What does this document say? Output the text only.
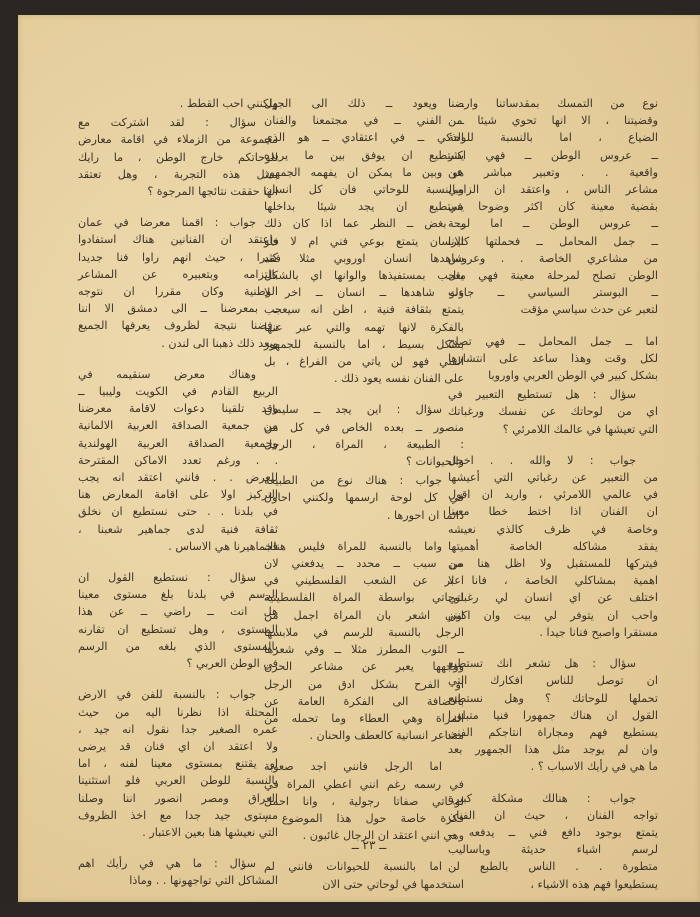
نوع من التمسك بمقدساتنا وارضنا
وقضيتنا ، الا انها تحوي شيئا من
الضياع ، اما بالنسبة للوحة
ــ عروس الوطن ــ فهي اكثر
واقعية . . وتعبير مباشر عن
مشاعر الناس ، واعتقد ان الزامي
بقضية معينة كان اكثر وضوحا في
ــ عروس الوطن ــ اما لوحة
ــ جمل المحامل ــ فحملتها كثيرا
من مشاعري الخاصة . . وعروس
الوطن تصلح لمرحلة معينة فهي مثل
ــ البوستر السياسي ــ جاءت
لتعبر عن حدث سياسي مؤقت
اما ــ جمل المحامل ــ فهي تصلح
لكل وقت وهذا ساعد على انتشارها
بشكل كبير في الوطن العربي واوروبا
سؤال : هل تستطيع التعبير في
اي من لوحاتك عن نفسك ورغباتك
التي تعيشها في عالمك اللامرئي ؟
جواب : لا والله . . اخجل
من التعبير عن رغباتي التي أعيشها
في عالمي اللامرئي ، واريد ان اقول
ان الفنان اذا اختط خطا معينا
وخاصة في ظرف كالذي نعيشه
يفقد مشاكله الخاصة أهميتها
فيتركها للمستقبل ولا اظل هنا من
اهمية بمشاكلي الخاصة ، فانا لا
اختلف عن اي انسان لي رغباتي
واحب ان يتوفر لي بيت وان اكون
مستقرا واصبح فنانا جيدا .
سؤال : هل تشعر انك تستطيع
ان توصل للناس افكارك التي
تحملها للوحاتك ؟ وهل نستطيع
القول ان هناك جمهورا فنيا متبلورا
يستطيع فهم ومجاراة انتاجكم الفني
وان لم يوجد مثل هذا الجمهور بعد
ما هي في رأيك الاسباب ؟ .
جواب : هنالك مشكلة كبيرة
تواجه الفنان ، حيث ان الفنان
يتمتع بوجود دافع فني ــ يدفعه ــ
لرسم اشياء حديثة وباساليب
متطورة . . الناس بالطبع لن
يستطيعوا فهم هذه الاشياء ،
ــ ويعود ــ ذلك الى الجهل
ــ الفني ــ في مجتمعنا والفنان
الذكي ــ في اعتقادي ــ هو الذي
يستطيع ان يوفق بين ما يريده
هو وبين ما يمكن ان يفهمه الجمهور
وبالنسبة للوحاتي فان كل انسان
يستطيع ان يجد شيئا بداخلها
ــ بغض ــ النظر عما اذا كان ذلك
الانسان يتمتع بوعي فني ام لا فلو
شاهدها انسان اوروبي مثلا فقد
يعجب بمستفيذها والوانها اي بالشكل
ولو شاهدها ــ انسان ــ اخر لا
يتمتع بثقافة فنية ، اظن انه سيعجب
بالفكرة لانها تهمه والتي عبر عنها
بشكل بسيط ، اما بالنسبة للجمهور
الفني فهو لن ياتي من الفراغ ، بل
على الفنان نفسه يعود ذلك .
سؤال : اين يجد ــ سليمان
منصور ــ بعده الخاص في كل من
: الطبيعة ، المراة ، الرجل
والحيوانات ؟
جواب : هناك نوع من الطبيعة
في كل لوحة ارسمها ولكنني احاول
دائما ان احورها .
واما بالنسبة للمراة فليس هناك
من سبب ــ محدد ــ يدفعني لان
اعبر عن الشعب الفلسطيني في
لوحاتي بواسطة المراة الفلسطينية
انني اشعر بان المراة اجمل من
الرجل بالنسبة للرسم في ملابسها
ــ الثوب المطرز مثلا ــ وفي شعرها
ووجهها يعبر عن مشاعر الحزن
او الفرح بشكل ادق من الرجل
بالاضافة الى الفكرة العامة عن
المراة وهي العطاء وما تحمله من
مشاعر انسانية كالعطف والحنان .
اما الرجل فانني اجد صعوبة
في رسمه رغم انني اعطي المراة في
لوحاتي صفاتا رجولية ، وانا احمل
فكرة خاصة حول هذا الموضوع ،
وهي انني اعتقد ان الرجال غائبون .
اما بالنسبة للحيوانات فانني لم
استخدمها في لوحاتي حتى الان
ولكنني احب القطط .
سؤال : لقد اشتركت مع
مجموعة من الزملاء في اقامة معارض
للوحاتكم خارج الوطن ، ما رايك
بمثل هذه التجربة ، وهل تعتقد
انها حققت نتائجها المرجوة ؟
جواب : اقمنا معرضا في عمان
واعتقد ان الفنانين هناك استفادوا
كثيرا ، حيث انهم راوا فنا جديدا
بالتزامه وبتعبيره عن المشاعر
الوطنية وكان مقررا ان نتوجه
ــ بمعرضنا ــ الى دمشق الا اننا
رفضنا نتيجة لظروف يعرفها الجميع
وبعد ذلك ذهبنا الى لندن .
وهناك معرض سنقيمه في
الربيع القادم في الكويت وليبيا ــ
وقد تلقينا دعوات لاقامة معرضنا
من جمعية الصداقة العربية الالمانية
وجمعية الصداقة العربية الهولندية
. . ورغم تعدد الاماكن المقترحة
للعرض . . فانني اعتقد انه يجب
التركيز اولا على اقامة المعارض هنا
في بلدنا . . حتى نستطيع ان نخلق
ثقافة فنية لدى جماهير شعبنا ،
فجماهيرنا هي الاساس .
سؤال : نستطيع القول ان
الرسم في بلدنا بلغ مستوى معينا
هل انت ــ راضي ــ عن هذا
المستوى ، وهل تستطيع ان تقارنه
بالمستوى الذي بلغه من الرسم
في الوطن العربي ؟
جواب : بالنسبة للفن في الارض
المحتلة اذا نظرنا اليه من حيث
عمره الصغير جدا نقول انه جيد ،
ولا اعتقد ان اي فنان قد يرضى
او يقتنع بمستوى معينا لفنه ، اما
بالنسبة للوطن العربي فلو استثنينا
العراق ومصر انصور اننا وصلنا
مستوى جيد جدا مع اخذ الظروف
التي نعيشها هنا بعين الاعتبار .
سؤال : ما هي في رأيك اهم
المشاكل التي تواجهونها . . وماذا
ــ ٢٣ ــ
